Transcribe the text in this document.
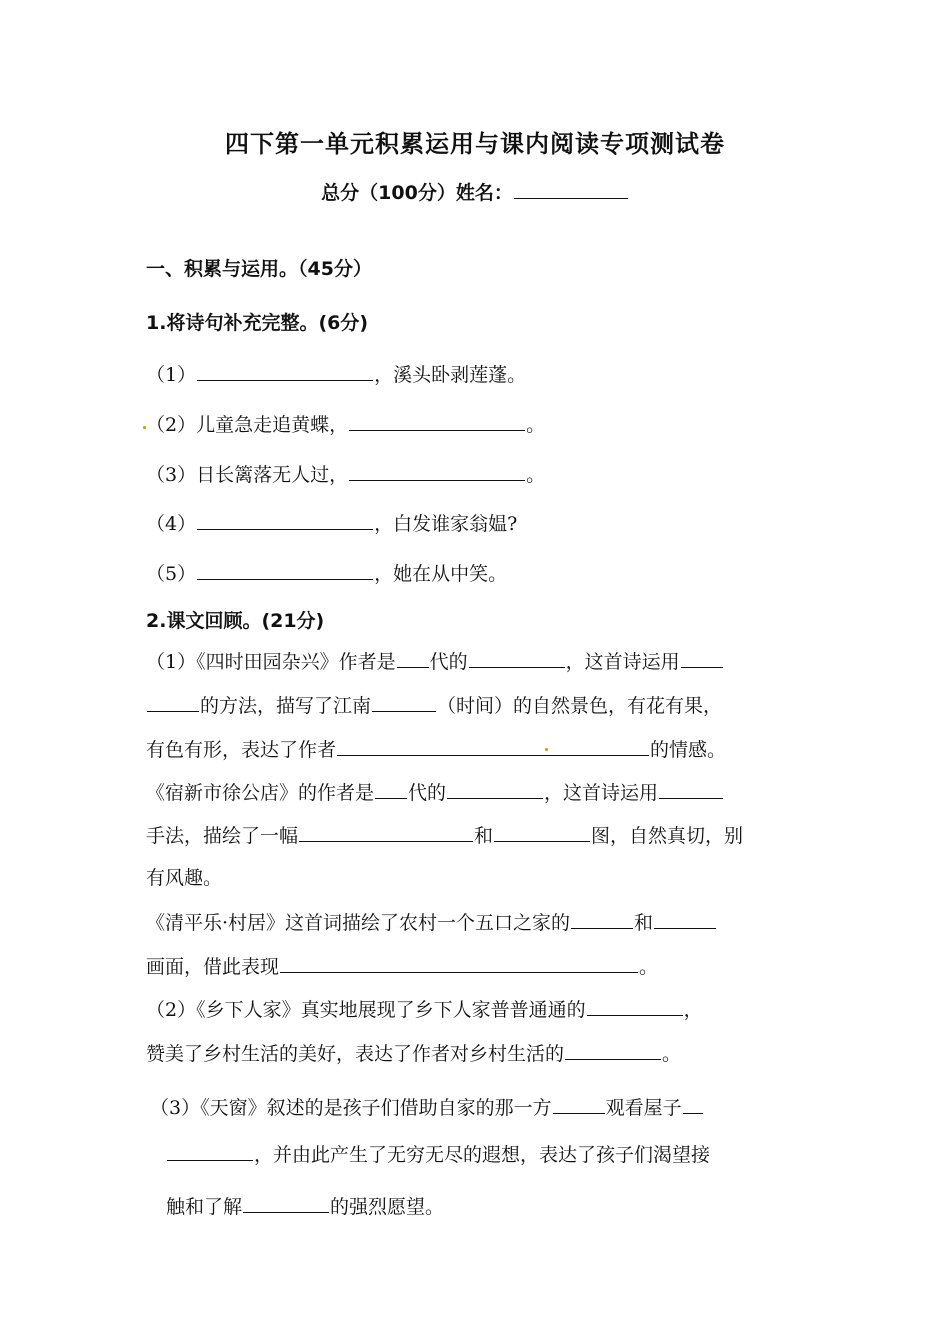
四下第一单元积累运用与课内阅读专项测试卷
总分（100分）姓名：
一、积累与运用。（45分）
1.将诗句补充完整。(6分)
（1）	，溪头卧剥莲蓬。
（2）儿童急走追黄蝶，	。
（3）日长篱落无人过，	。
（4）	，白发谁家翁媪?
（5）	，她在从中笑。
2.课文回顾。(21分)
（1）《四时田园杂兴》作者是 代的	，这首诗运用
的方法，描写了江南	（时间）的自然景色，有花有果，
有色有形，表达了作者	的情感。
《宿新市徐公店》的作者是 代的	，这首诗运用
手法，描绘了一幅	和	图，自然真切，别
有风趣。
《清平乐·村居》这首词描绘了农村一个五口之家的	和
画面，借此表现	。
（2）《乡下人家》真实地展现了乡下人家普普通通的	，
赞美了乡村生活的美好，表达了作者对乡村生活的	。
（3）《天窗》叙述的是孩子们借助自家的那一方	观看屋子
，并由此产生了无穷无尽的遐想，表达了孩子们渴望接
触和了解	的强烈愿望。
